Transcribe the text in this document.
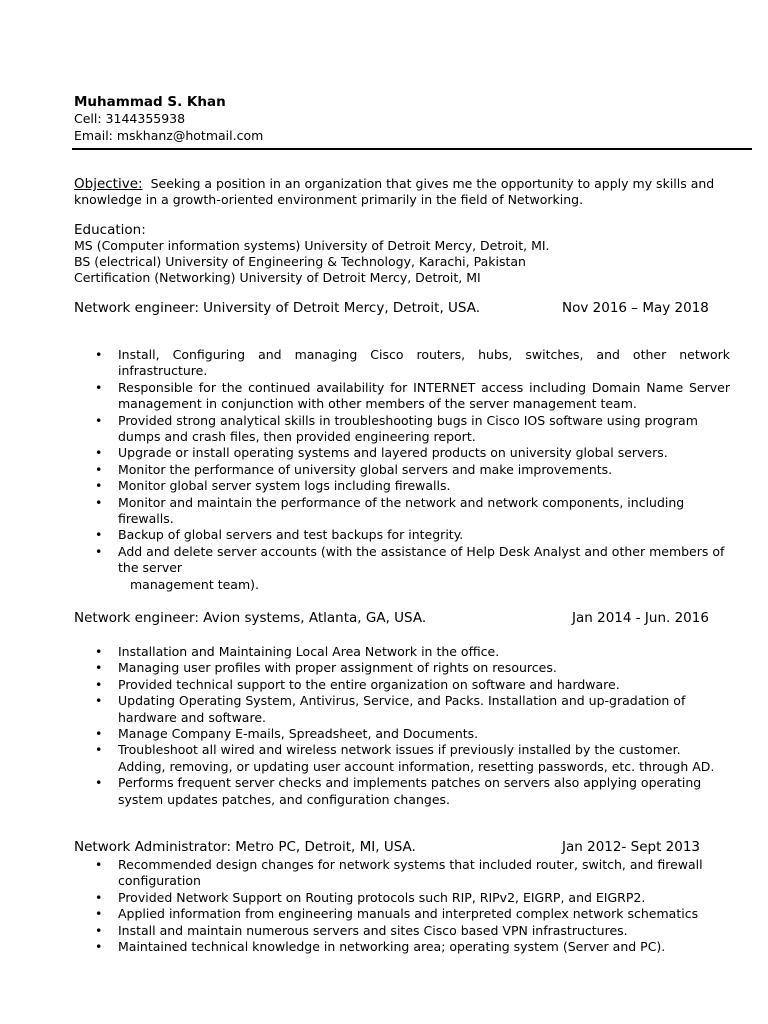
Muhammad S. Khan
Cell: 3144355938
Email: mskhanz@hotmail.com
Objective: Seeking a position in an organization that gives me the opportunity to apply my skills and knowledge in a growth-oriented environment primarily in the field of Networking.
Education:
MS (Computer information systems) University of Detroit Mercy, Detroit, MI.
BS (electrical) University of Engineering & Technology, Karachi, Pakistan
Certification (Networking) University of Detroit Mercy, Detroit, MI
Network engineer: University of Detroit Mercy, Detroit, USA.	Nov 2016 – May 2018
• Install, Configuring and managing Cisco routers, hubs, switches, and other network infrastructure.
• Responsible for the continued availability for INTERNET access including Domain Name Server management in conjunction with other members of the server management team.
• Provided strong analytical skills in troubleshooting bugs in Cisco IOS software using program dumps and crash files, then provided engineering report.
• Upgrade or install operating systems and layered products on university global servers.
• Monitor the performance of university global servers and make improvements.
• Monitor global server system logs including firewalls.
• Monitor and maintain the performance of the network and network components, including firewalls.
• Backup of global servers and test backups for integrity.
• Add and delete server accounts (with the assistance of Help Desk Analyst and other members of the server
management team).
Network engineer: Avion systems, Atlanta, GA, USA.	Jan 2014 - Jun. 2016
• Installation and Maintaining Local Area Network in the office.
• Managing user profiles with proper assignment of rights on resources.
• Provided technical support to the entire organization on software and hardware.
• Updating Operating System, Antivirus, Service, and Packs. Installation and up-gradation of hardware and software.
• Manage Company E-mails, Spreadsheet, and Documents.
• Troubleshoot all wired and wireless network issues if previously installed by the customer. Adding, removing, or updating user account information, resetting passwords, etc. through AD.
• Performs frequent server checks and implements patches on servers also applying operating system updates patches, and configuration changes.
Network Administrator: Metro PC, Detroit, MI, USA.	Jan 2012- Sept 2013
• Recommended design changes for network systems that included router, switch, and firewall configuration
• Provided Network Support on Routing protocols such RIP, RIPv2, EIGRP, and EIGRP2.
• Applied information from engineering manuals and interpreted complex network schematics
• Install and maintain numerous servers and sites Cisco based VPN infrastructures.
• Maintained technical knowledge in networking area; operating system (Server and PC).
